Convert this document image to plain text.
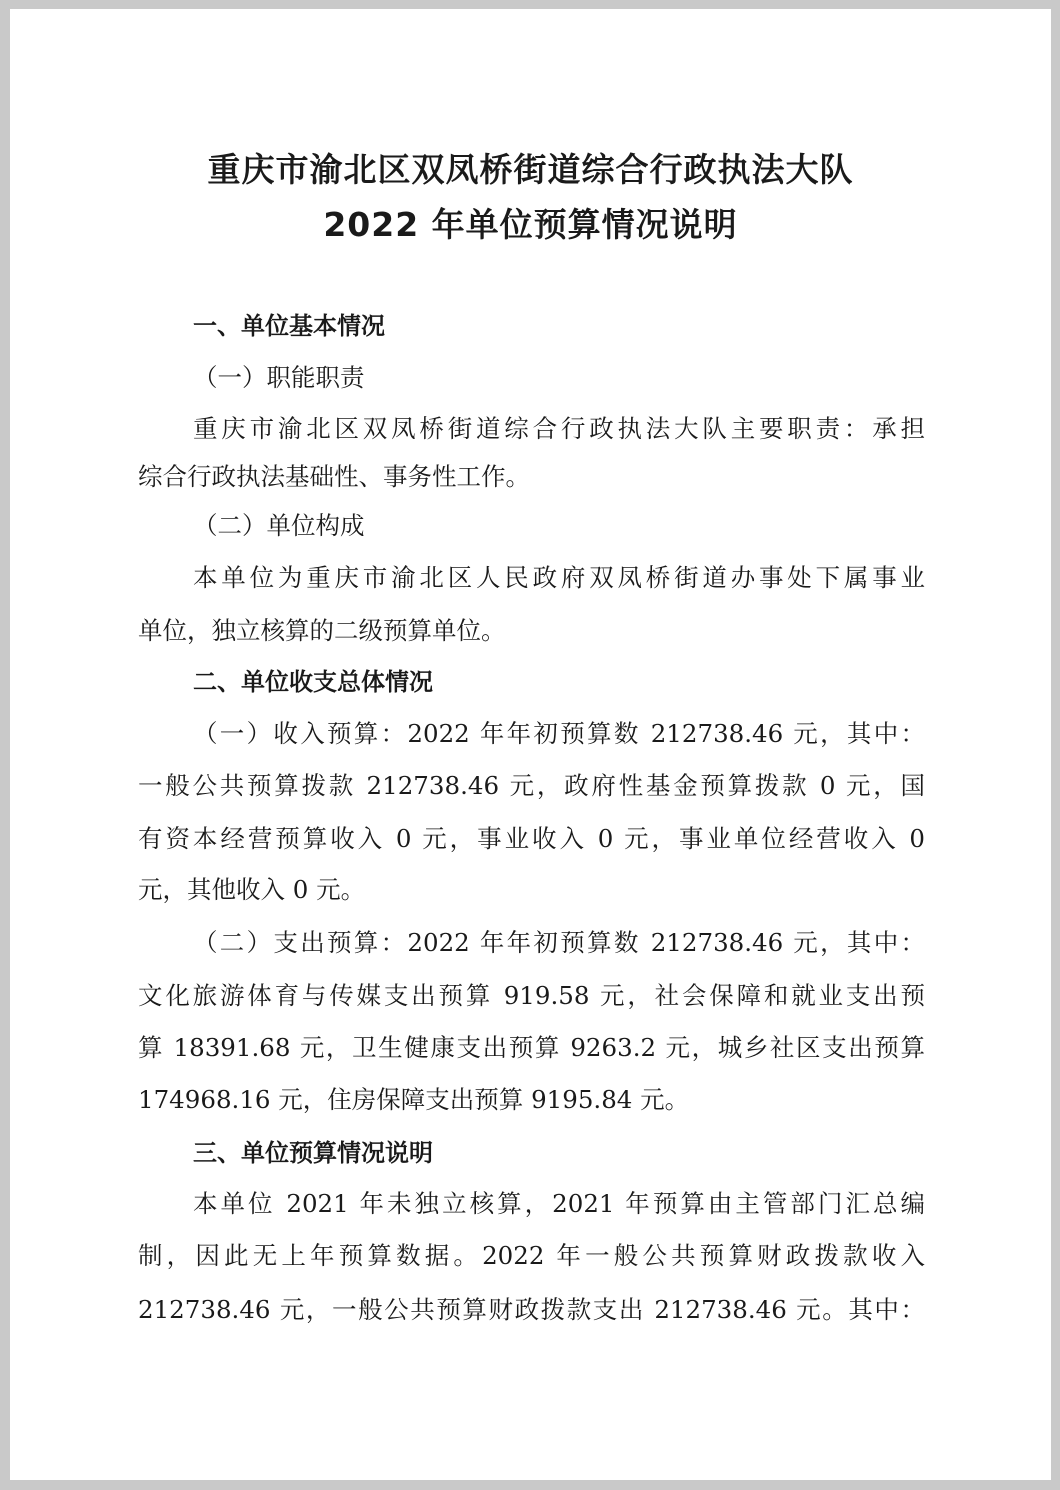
重庆市渝北区双凤桥街道综合行政执法大队
2022 年单位预算情况说明
一、单位基本情况
（一）职能职责
重庆市渝北区双凤桥街道综合行政执法大队主要职责：承担
综合行政执法基础性、事务性工作。
（二）单位构成
本单位为重庆市渝北区人民政府双凤桥街道办事处下属事业
单位，独立核算的二级预算单位。
二、单位收支总体情况
（一）收入预算：2022 年年初预算数 212738.46 元，其中：
一般公共预算拨款 212738.46 元，政府性基金预算拨款 0 元，国
有资本经营预算收入 0 元，事业收入 0 元，事业单位经营收入 0
元，其他收入 0 元。
（二）支出预算：2022 年年初预算数 212738.46 元，其中：
文化旅游体育与传媒支出预算 919.58 元，社会保障和就业支出预
算 18391.68 元，卫生健康支出预算 9263.2 元，城乡社区支出预算
174968.16 元，住房保障支出预算 9195.84 元。
三、单位预算情况说明
本单位 2021 年未独立核算，2021 年预算由主管部门汇总编
制，因此无上年预算数据。2022 年一般公共预算财政拨款收入
212738.46 元，一般公共预算财政拨款支出 212738.46 元。其中：
